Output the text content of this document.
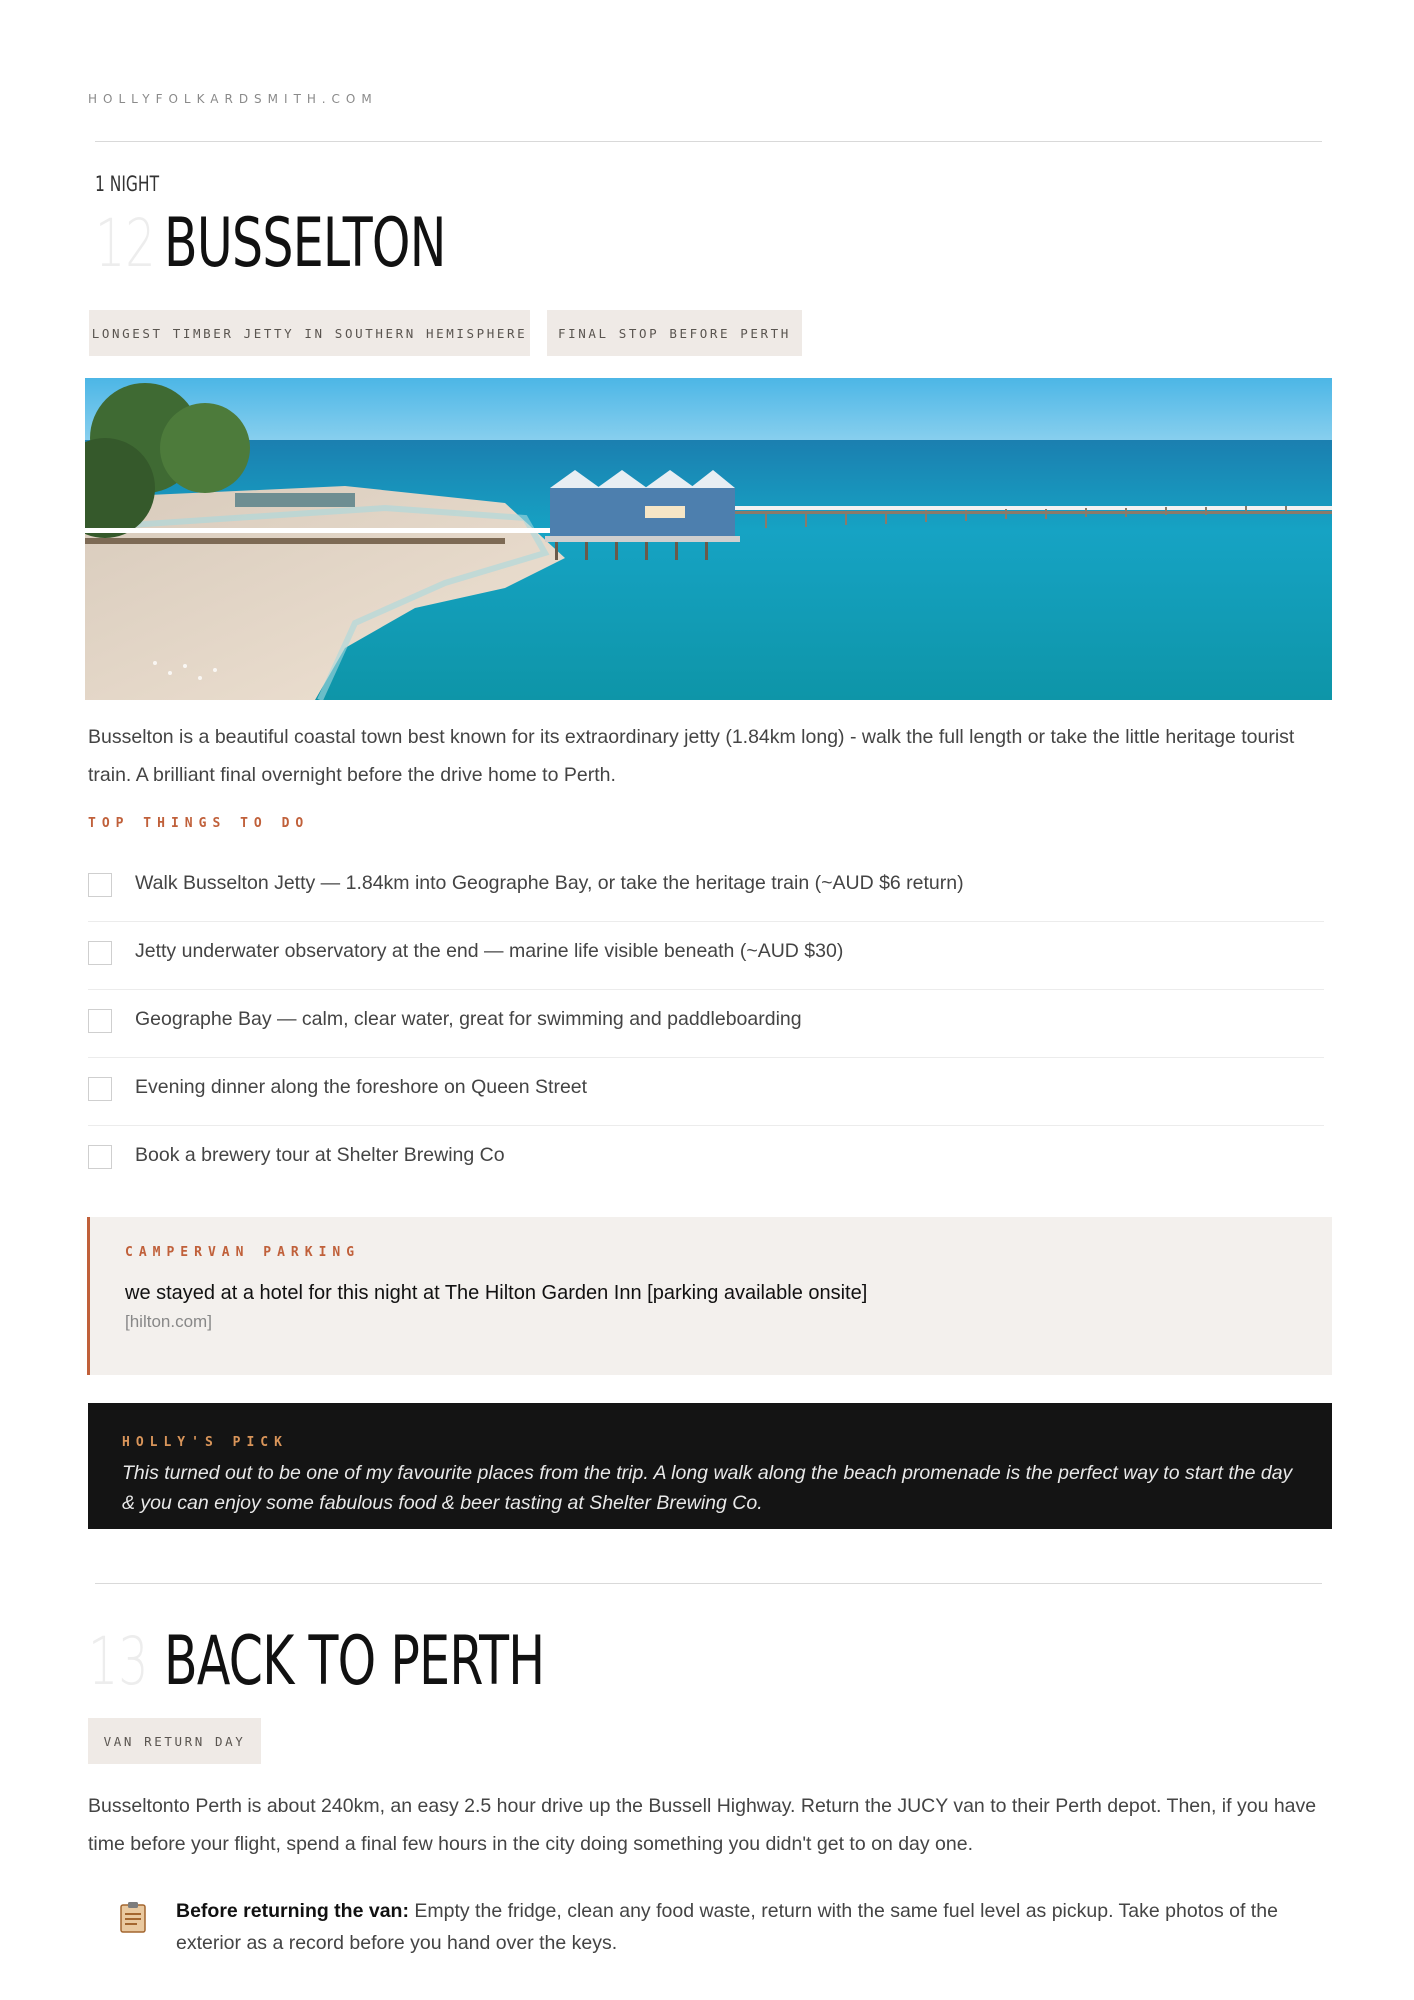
HOLLYFOLKARDSMITH.COM
1 NIGHT
12 BUSSELTON
LONGEST TIMBER JETTY IN SOUTHERN HEMISPHERE	FINAL STOP BEFORE PERTH
Busselton is a beautiful coastal town best known for its extraordinary jetty (1.84km long) - walk the full length or take the little heritage tourist train. A brilliant final overnight before the drive home to Perth.
TOP THINGS TO DO
Walk Busselton Jetty — 1.84km into Geographe Bay, or take the heritage train (~AUD $6 return)
Jetty underwater observatory at the end — marine life visible beneath (~AUD $30)
Geographe Bay — calm, clear water, great for swimming and paddleboarding
Evening dinner along the foreshore on Queen Street
Book a brewery tour at Shelter Brewing Co
CAMPERVAN PARKING
we stayed at a hotel for this night at The Hilton Garden Inn [parking available onsite]
[hilton.com]
HOLLY'S PICK
This turned out to be one of my favourite places from the trip. A long walk along the beach promenade is the perfect way to start the day & you can enjoy some fabulous food & beer tasting at Shelter Brewing Co.
13 BACK TO PERTH
VAN RETURN DAY
Busseltonto Perth is about 240km, an easy 2.5 hour drive up the Bussell Highway. Return the JUCY van to their Perth depot. Then, if you have time before your flight, spend a final few hours in the city doing something you didn't get to on day one.
Before returning the van: Empty the fridge, clean any food waste, return with the same fuel level as pickup. Take photos of the exterior as a record before you hand over the keys.
